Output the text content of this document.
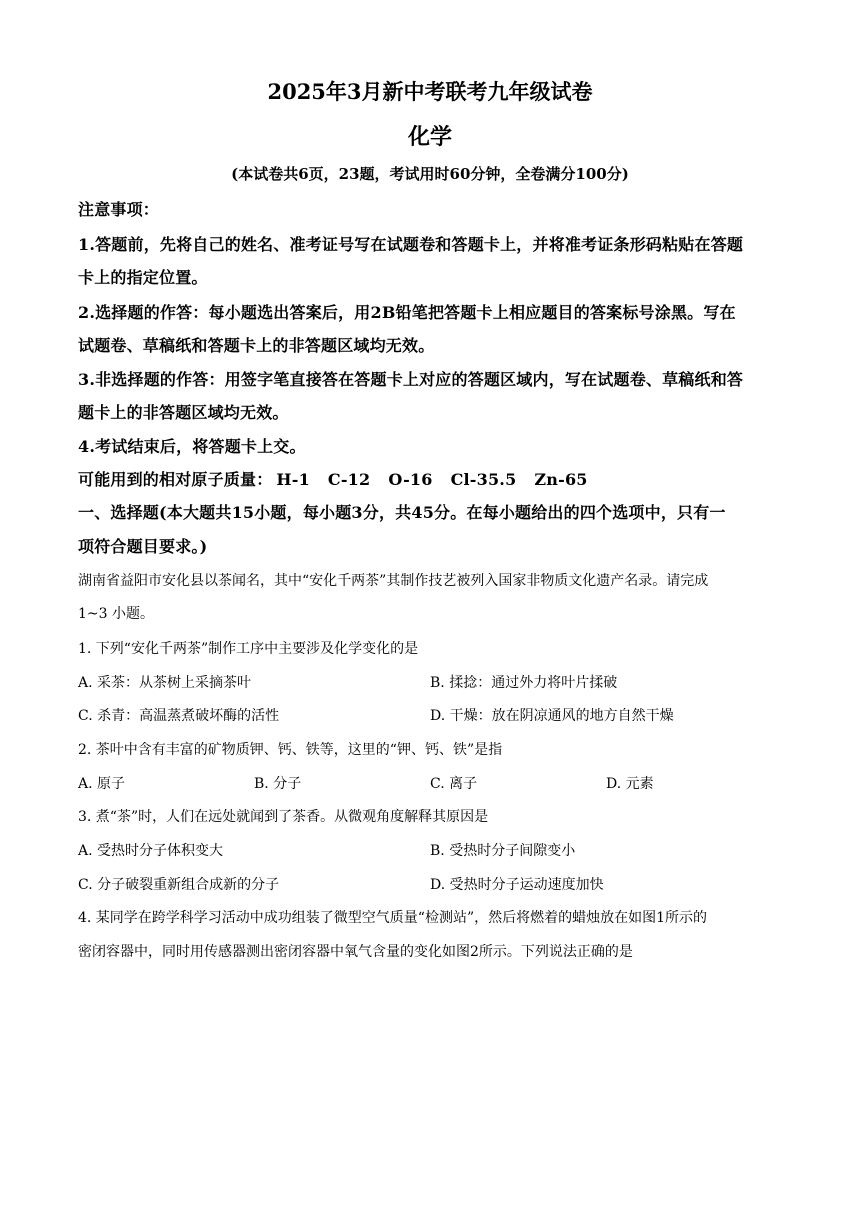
2025年3月新中考联考九年级试卷
化学
(本试卷共6页，23题，考试用时60分钟，全卷满分100分)
注意事项：
1.答题前，先将自己的姓名、准考证号写在试题卷和答题卡上，并将准考证条形码粘贴在答题
卡上的指定位置。
2.选择题的作答：每小题选出答案后，用2B铅笔把答题卡上相应题目的答案标号涂黑。写在
试题卷、草稿纸和答题卡上的非答题区域均无效。
3.非选择题的作答：用签字笔直接答在答题卡上对应的答题区域内，写在试题卷、草稿纸和答
题卡上的非答题区域均无效。
4.考试结束后，将答题卡上交。
可能用到的相对原子质量： H-1 C-12 O-16 Cl-35.5 Zn-65
一、选择题(本大题共15小题，每小题3分，共45分。在每小题给出的四个选项中，只有一
项符合题目要求。)
湖南省益阳市安化县以茶闻名，其中“安化千两茶”其制作技艺被列入国家非物质文化遗产名录。请完成
1~3 小题。
1. 下列“安化千两茶”制作工序中主要涉及化学变化的是
A. 采茶：从茶树上采摘茶叶	B. 揉捻：通过外力将叶片揉破
C. 杀青：高温蒸煮破坏酶的活性	D. 干燥：放在阴凉通风的地方自然干燥
2. 茶叶中含有丰富的矿物质钾、钙、铁等，这里的“钾、钙、铁”是指
A. 原子	B. 分子	C. 离子	D. 元素
3. 煮“茶”时，人们在远处就闻到了茶香。从微观角度解释其原因是
A. 受热时分子体积变大	B. 受热时分子间隙变小
C. 分子破裂重新组合成新的分子	D. 受热时分子运动速度加快
4. 某同学在跨学科学习活动中成功组装了微型空气质量“检测站”，然后将燃着的蜡烛放在如图1所示的
密闭容器中，同时用传感器测出密闭容器中氧气含量的变化如图2所示。下列说法正确的是
